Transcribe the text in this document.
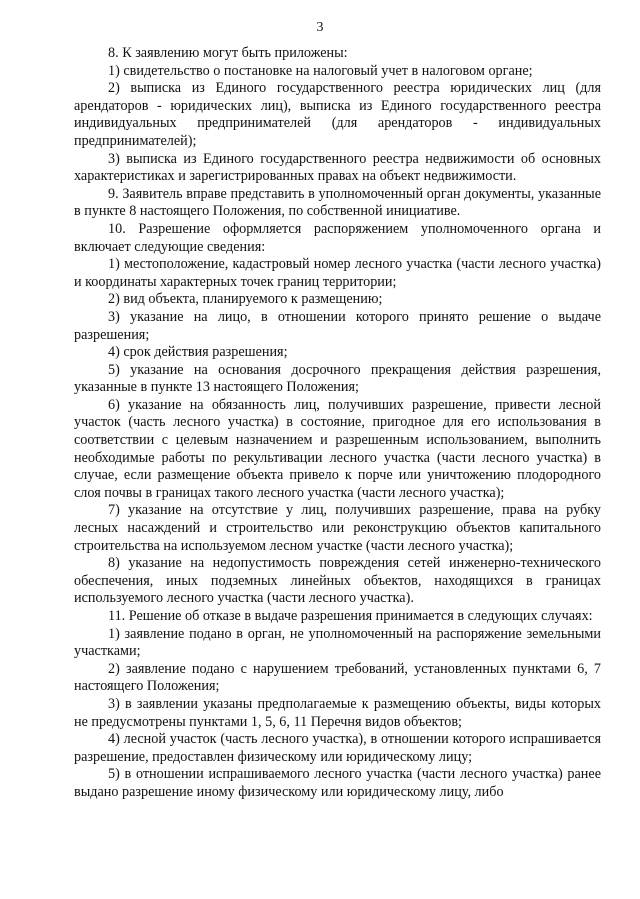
3

8. К заявлению могут быть приложены:

1) свидетельство о постановке на налоговый учет в налоговом органе;

2) выписка из Единого государственного реестра юридических лиц (для арендаторов - юридических лиц), выписка из Единого государственного реестра индивидуальных предпринимателей (для арендаторов - индивидуальных предпринимателей);

3) выписка из Единого государственного реестра недвижимости об основных характеристиках и зарегистрированных правах на объект недвижимости.

9. Заявитель вправе представить в уполномоченный орган документы, указанные в пункте 8 настоящего Положения, по собственной инициативе.

10. Разрешение оформляется распоряжением уполномоченного органа и включает следующие сведения:

1) местоположение, кадастровый номер лесного участка (части лесного участка) и координаты характерных точек границ территории;

2) вид объекта, планируемого к размещению;

3) указание на лицо, в отношении которого принято решение о выдаче разрешения;

4) срок действия разрешения;

5) указание на основания досрочного прекращения действия разрешения, указанные в пункте 13 настоящего Положения;

6) указание на обязанность лиц, получивших разрешение, привести лесной участок (часть лесного участка) в состояние, пригодное для его использования в соответствии с целевым назначением и разрешенным использованием, выполнить необходимые работы по рекультивации лесного участка (части лесного участка) в случае, если размещение объекта привело к порче или уничтожению плодородного слоя почвы в границах такого лесного участка (части лесного участка);

7) указание на отсутствие у лиц, получивших разрешение, права на рубку лесных насаждений и строительство или реконструкцию объектов капитального строительства на используемом лесном участке (части лесного участка);

8) указание на недопустимость повреждения сетей инженерно-технического обеспечения, иных подземных линейных объектов, находящихся в границах используемого лесного участка (части лесного участка).

11. Решение об отказе в выдаче разрешения принимается в следующих случаях:

1) заявление подано в орган, не уполномоченный на распоряжение земельными участками;

2) заявление подано с нарушением требований, установленных пунктами 6, 7 настоящего Положения;

3) в заявлении указаны предполагаемые к размещению объекты, виды которых не предусмотрены пунктами 1, 5, 6, 11 Перечня видов объектов;

4) лесной участок (часть лесного участка), в отношении которого испрашивается разрешение, предоставлен физическому или юридическому лицу;

5) в отношении испрашиваемого лесного участка (части лесного участка) ранее выдано разрешение иному физическому или юридическому лицу, либо
